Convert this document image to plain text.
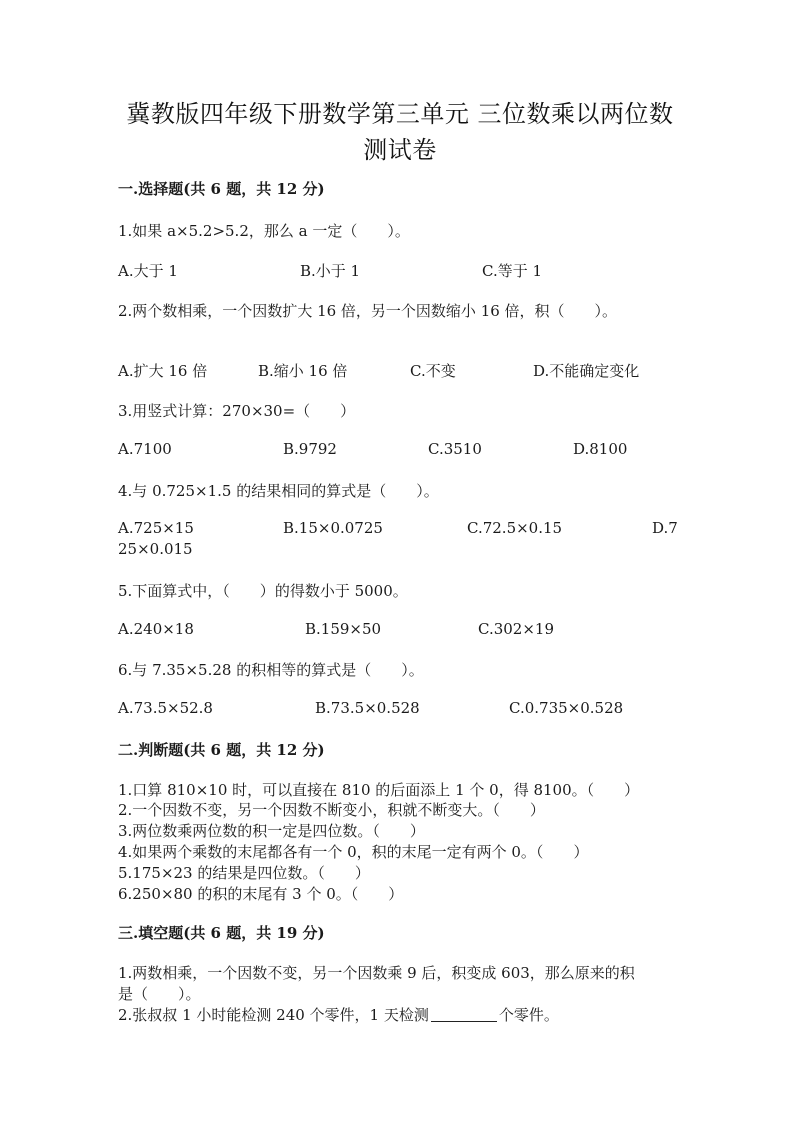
冀教版四年级下册数学第三单元 三位数乘以两位数
测试卷
一.选择题(共 6 题，共 12 分)
1.如果 a×5.2>5.2，那么 a 一定（　　）。
A.大于 1	B.小于 1	C.等于 1
2.两个数相乘，一个因数扩大 16 倍，另一个因数缩小 16 倍，积（　　）。
A.扩大 16 倍	B.缩小 16 倍	C.不变	D.不能确定变化
3.用竖式计算：270×30=（　　）
A.7100	B.9792	C.3510	D.8100
4.与 0.725×1.5 的结果相同的算式是（　　）。
A.725×15	B.15×0.0725	C.72.5×0.15	D.7
25×0.015
5.下面算式中，（　　）的得数小于 5000。
A.240×18	B.159×50	C.302×19
6.与 7.35×5.28 的积相等的算式是（　　）。
A.73.5×52.8	B.73.5×0.528	C.0.735×0.528
二.判断题(共 6 题，共 12 分)
1.口算 810×10 时，可以直接在 810 的后面添上 1 个 0，得 8100。（　　）
2.一个因数不变，另一个因数不断变小，积就不断变大。（　　）
3.两位数乘两位数的积一定是四位数。（　　）
4.如果两个乘数的末尾都各有一个 0，积的末尾一定有两个 0。（　　）
5.175×23 的结果是四位数。（　　）
6.250×80 的积的末尾有 3 个 0。（　　）
三.填空题(共 6 题，共 19 分)
1.两数相乘，一个因数不变，另一个因数乘 9 后，积变成 603，那么原来的积
是（　　）。
2.张叔叔 1 小时能检测 240 个零件，1 天检测	个零件。
